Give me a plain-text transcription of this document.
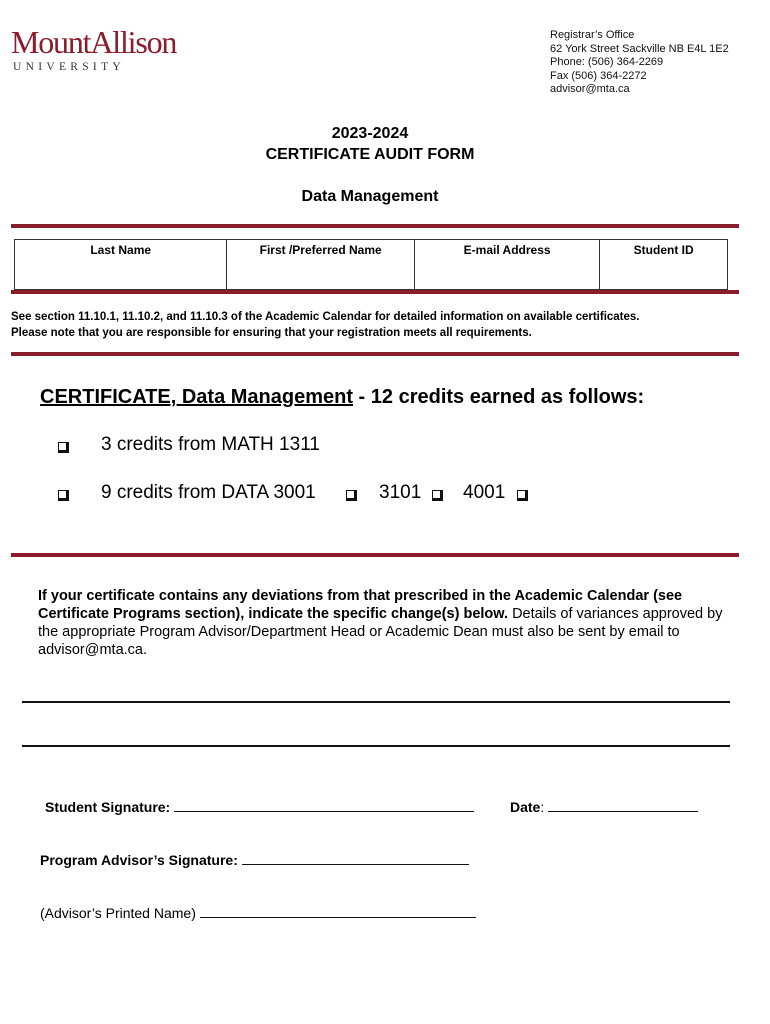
MountAllison
UNIVERSITY
Registrar’s Office
62 York Street Sackville NB E4L 1E2
Phone: (506) 364-2269
Fax (506) 364-2272
advisor@mta.ca
2023-2024
CERTIFICATE AUDIT FORM
Data Management
Last Name	First /Preferred Name	E-mail Address	Student ID
See section 11.10.1, 11.10.2, and 11.10.3 of the Academic Calendar for detailed information on available certificates.
Please note that you are responsible for ensuring that your registration meets all requirements.
CERTIFICATE, Data Management - 12 credits earned as follows:
3 credits from MATH 1311
9 credits from DATA 3001	3101 4001
If your certificate contains any deviations from that prescribed in the Academic Calendar (see Certificate Programs section), indicate the specific change(s) below. Details of variances approved by the appropriate Program Advisor/Department Head or Academic Dean must also be sent by email to advisor@mta.ca.
Student Signature:	Date:
Program Advisor’s Signature:
(Advisor’s Printed Name)
